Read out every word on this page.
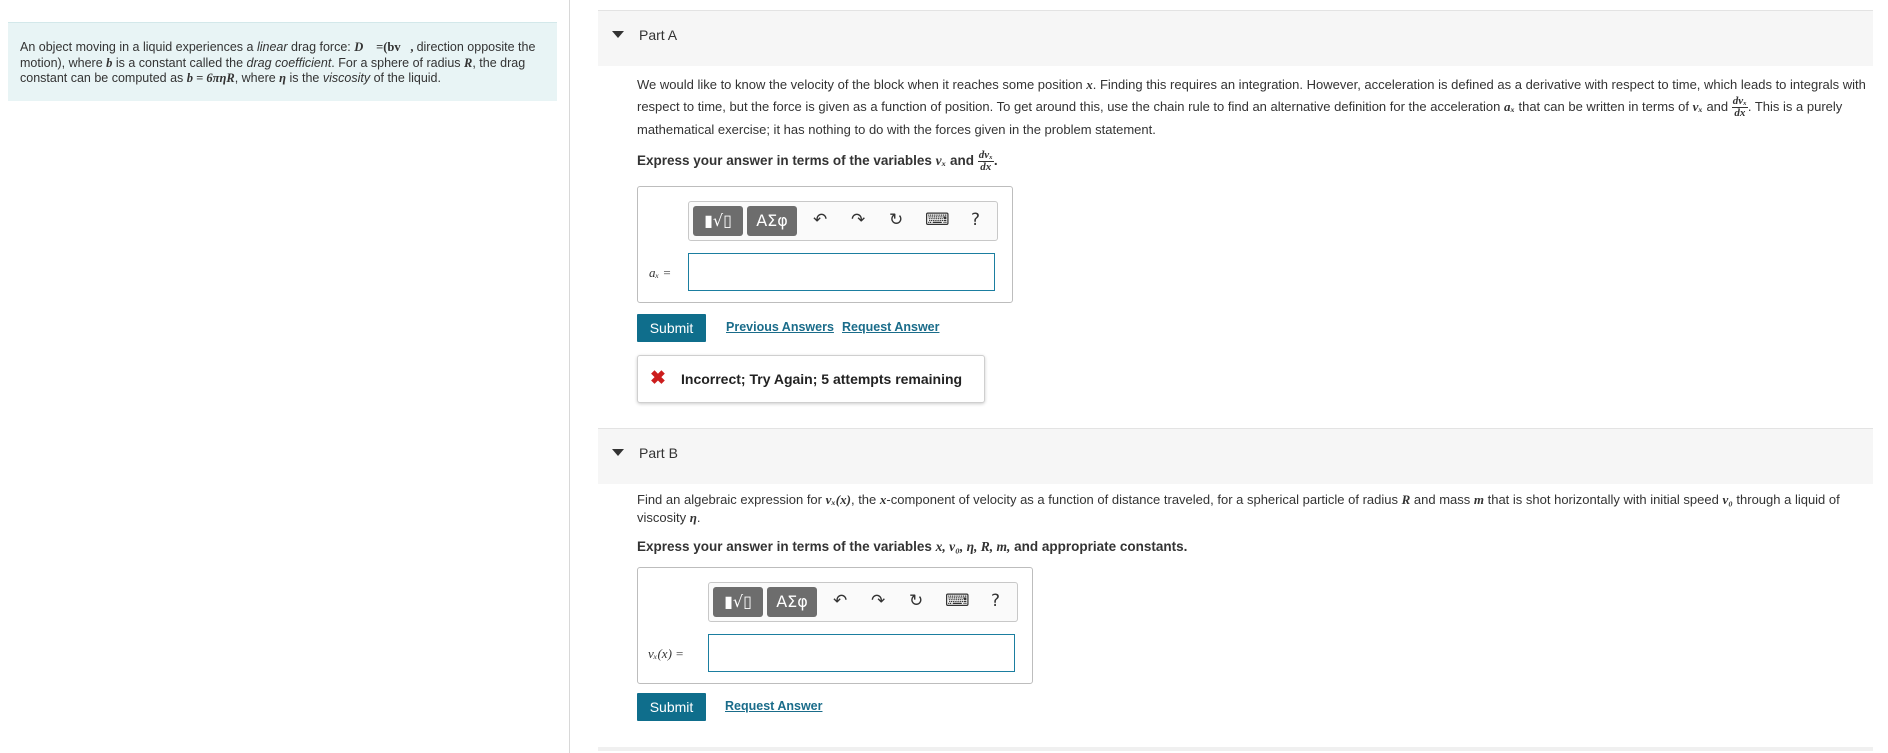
An object moving in a liquid experiences a linear drag force: D⃗ =(bv⃗, direction opposite the motion), where b is a constant called the drag coefficient. For a sphere of radius R, the drag constant can be computed as b = 6πηR, where η is the viscosity of the liquid.
Part A
We would like to know the velocity of the block when it reaches some position x. Finding this requires an integration. However, acceleration is defined as a derivative with respect to time, which leads to integrals with respect to time, but the force is given as a function of position. To get around this, use the chain rule to find an alternative definition for the acceleration aₓ that can be written in terms of vₓ and $\frac{\text{dvₓ}}{dx}$ . This is a purely mathematical exercise; it has nothing to do with the forces given in the problem statement.
Express your answer in terms of the variables vₓ and $\frac{\text{dvₓ}}{dx}$ .
▮√▯	ΑΣφ	↶ ↷ ↻ ⌨ ?
aₓ =
Submit	Previous Answers Request Answer
✖ Incorrect; Try Again; 5 attempts remaining
Part B
Find an algebraic expression for vₓ(x), the x-component of velocity as a function of distance traveled, for a spherical particle of radius R and mass m that is shot horizontally with initial speed v₀ through a liquid of viscosity η.
Express your answer in terms of the variables x, v₀, η, R, m, and appropriate constants.
▮√▯	ΑΣφ	↶ ↷ ↻ ⌨ ?
vₓ(x) =
Submit	Request Answer
